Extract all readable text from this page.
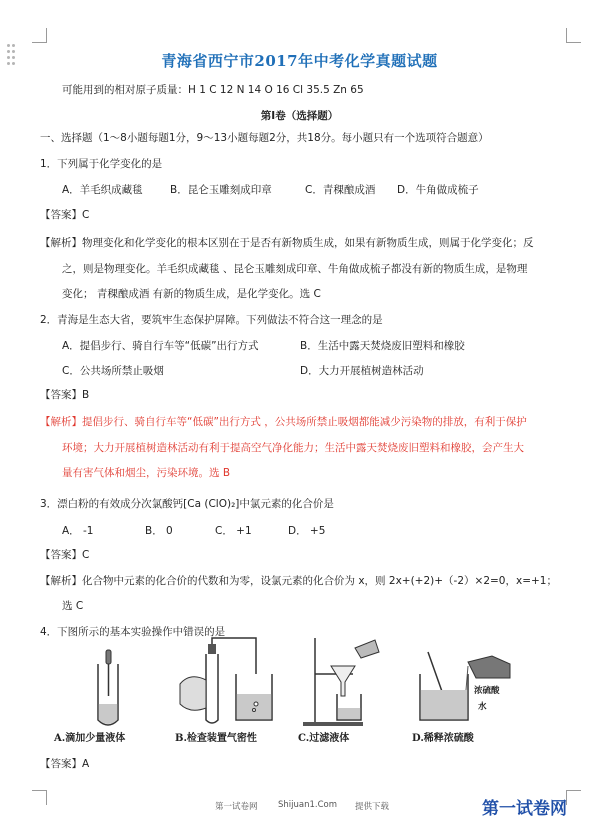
青海省西宁市2017年中考化学真题试题
可能用到的相对原子质量：H 1 C 12 N 14 O 16 Cl 35.5 Zn 65
第Ⅰ卷（选择题）
一、选择题（1～8小题每题1分，9～13小题每题2分，共18分。每小题只有一个选项符合题意）
1．下列属于化学变化的是
A．羊毛织成藏毯	B．昆仑玉雕刻成印章	C．青稞酿成酒 D．牛角做成梳子
【答案】C
【解析】物理变化和化学变化的根本区别在于是否有新物质生成，如果有新物质生成，则属于化学变化；反
之，则是物理变化。羊毛织成藏毯 、昆仑玉雕刻成印章、牛角做成梳子都没有新的物质生成，是物理
变化； 青稞酿成酒 有新的物质生成，是化学变化。选 C
2．青海是生态大省，要筑牢生态保护屏障。下列做法不符合这一理念的是
A．提倡步行、骑自行车等“低碳”出行方式	B．生活中露天焚烧废旧塑料和橡胶
C．公共场所禁止吸烟	D．大力开展植树造林活动
【答案】B
【解析】提倡步行、骑自行车等“低碳”出行方式 ，公共场所禁止吸烟都能减少污染物的排放，有利于保护
环境；大力开展植树造林活动有利于提高空气净化能力；生活中露天焚烧废旧塑料和橡胶，会产生大
量有害气体和烟尘，污染环境。选 B
3．漂白粉的有效成分次氯酸钙[Ca (ClO)₂]中氯元素的化合价是
A． -1	B． 0	C． +1	D． +5
【答案】C
【解析】化合物中元素的化合价的代数和为零，设氯元素的化合价为 x，则 2x+(+2)+（-2）×2=0，x=+1；
选 C
4．下图所示的基本实验操作中错误的是
浓硫酸
水
A.滴加少量液体	B.检查装置气密性	C.过滤液体	D.稀释浓硫酸
【答案】A
第一试卷网 Shijuan1.Com 提供下载	第一试卷网
